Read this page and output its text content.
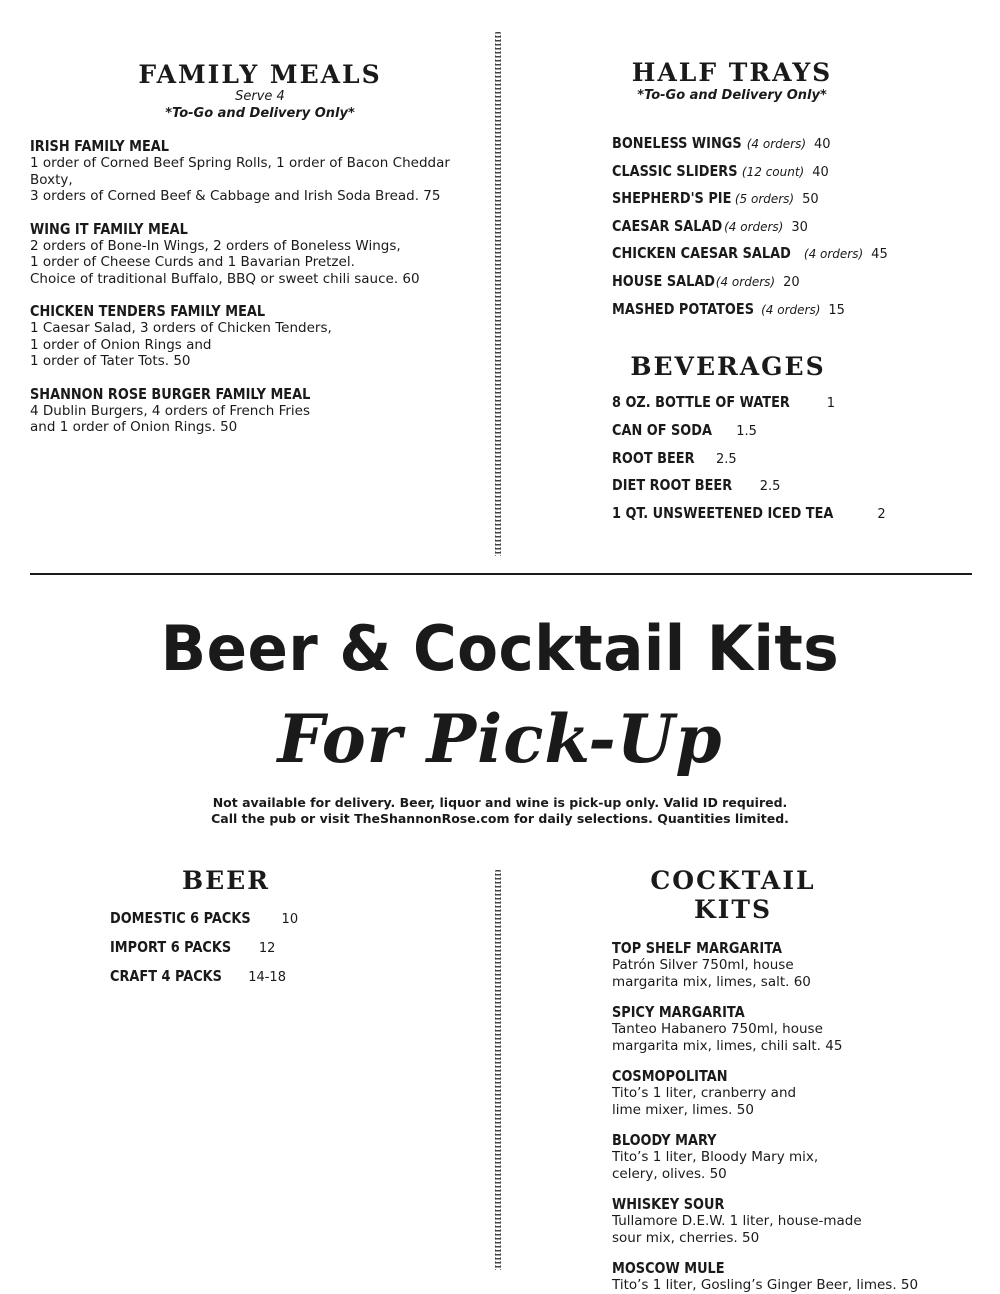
FAMILY MEALS
Serve 4
*To-Go and Delivery Only*
IRISH FAMILY MEAL
1 order of Corned Beef Spring Rolls, 1 order of Bacon Cheddar Boxty,
3 orders of Corned Beef & Cabbage and Irish Soda Bread. 75
WING IT FAMILY MEAL
2 orders of Bone-In Wings, 2 orders of Boneless Wings,
1 order of Cheese Curds and 1 Bavarian Pretzel.
Choice of traditional Buffalo, BBQ or sweet chili sauce. 60
CHICKEN TENDERS FAMILY MEAL
1 Caesar Salad, 3 orders of Chicken Tenders,
1 order of Onion Rings and
1 order of Tater Tots. 50
SHANNON ROSE BURGER FAMILY MEAL
4 Dublin Burgers, 4 orders of French Fries
and 1 order of Onion Rings. 50
HALF TRAYS
*To-Go and Delivery Only*
BONELESS WINGS (4 orders) 40
CLASSIC SLIDERS (12 count) 40
SHEPHERD'S PIE (5 orders) 50
CAESAR SALAD (4 orders) 30
CHICKEN CAESAR SALAD (4 orders) 45
HOUSE SALAD (4 orders) 20
MASHED POTATOES (4 orders) 15
BEVERAGES
8 OZ. BOTTLE OF WATER	1
CAN OF SODA 1.5
ROOT BEER 2.5
DIET ROOT BEER 2.5
1 QT. UNSWEETENED ICED TEA	2
Beer & Cocktail Kits
For Pick-Up
Not available for delivery. Beer, liquor and wine is pick-up only. Valid ID required.
Call the pub or visit TheShannonRose.com for daily selections. Quantities limited.
BEER
DOMESTIC 6 PACKS 10
IMPORT 6 PACKS 12
CRAFT 4 PACKS 14-18
COCKTAIL KITS
TOP SHELF MARGARITA
Patrón Silver 750ml, house
margarita mix, limes, salt. 60
SPICY MARGARITA
Tanteo Habanero 750ml, house
margarita mix, limes, chili salt. 45
COSMOPOLITAN
Tito’s 1 liter, cranberry and
lime mixer, limes. 50
BLOODY MARY
Tito’s 1 liter, Bloody Mary mix,
celery, olives. 50
WHISKEY SOUR
Tullamore D.E.W. 1 liter, house-made
sour mix, cherries. 50
MOSCOW MULE
Tito’s 1 liter, Gosling’s Ginger Beer, limes. 50
